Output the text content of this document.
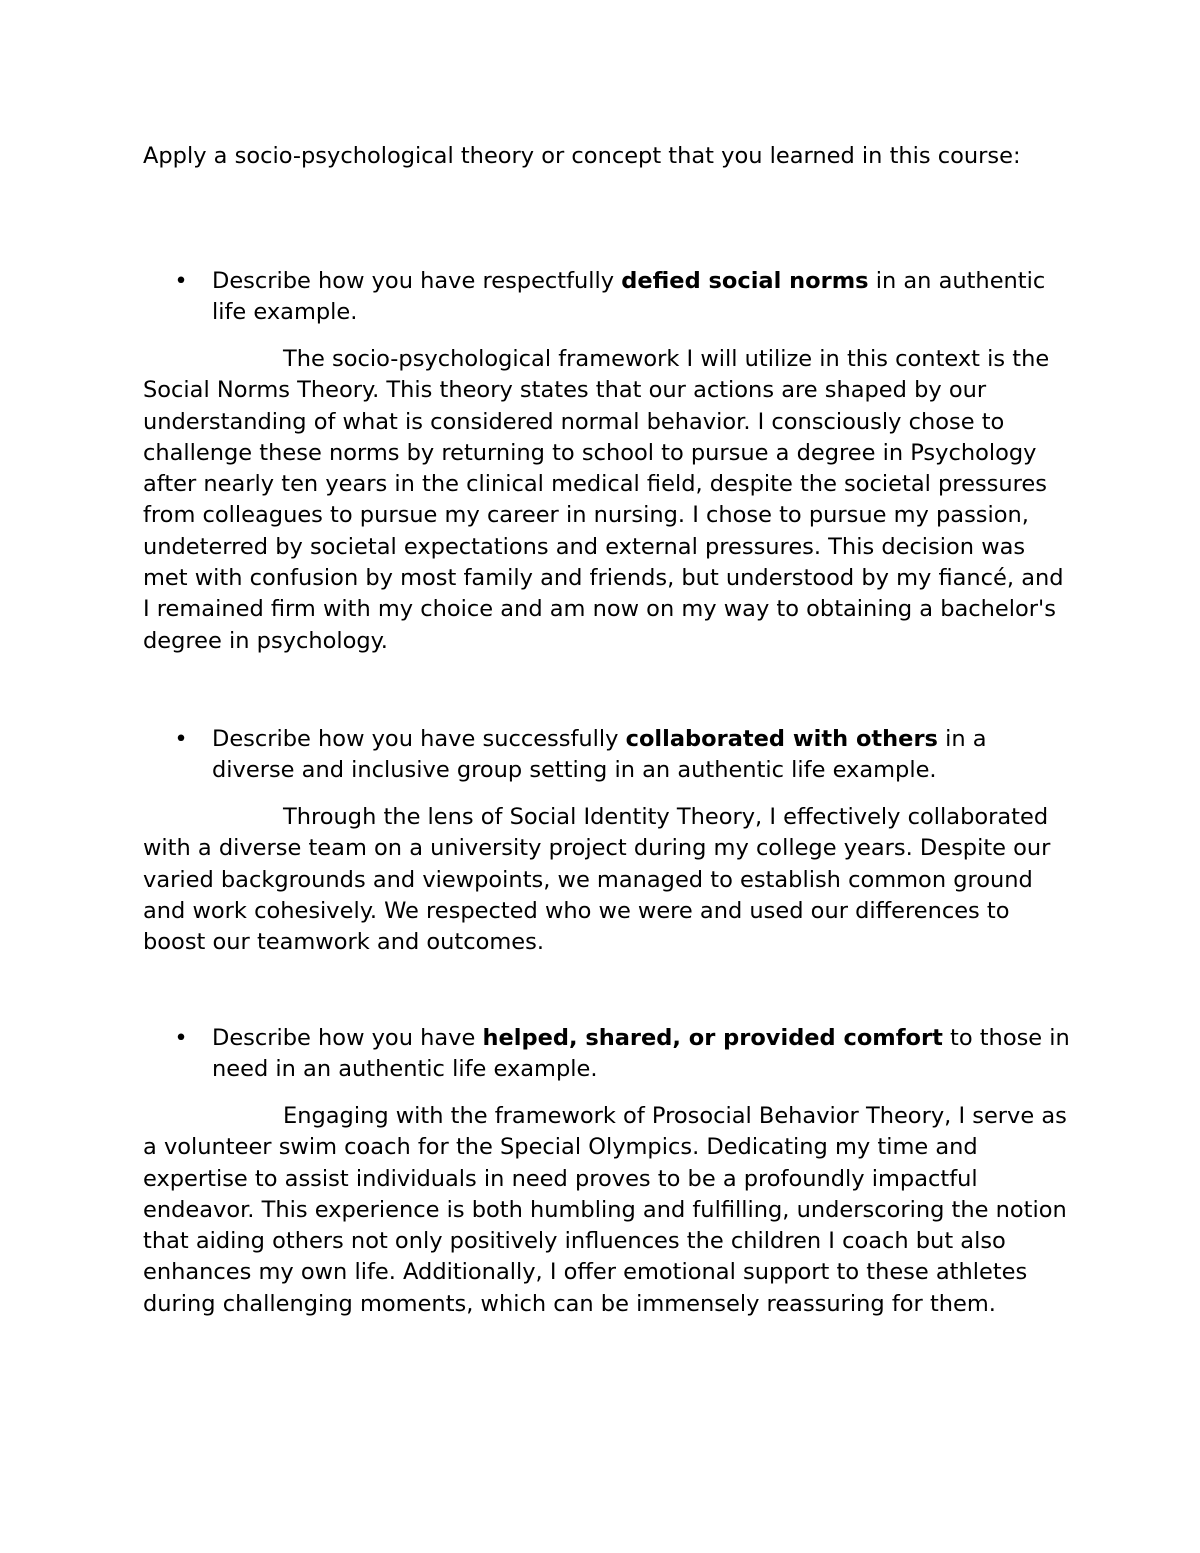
Apply a socio-psychological theory or concept that you learned in this course:

• Describe how you have respectfully defied social norms in an authentic life example.

The socio-psychological framework I will utilize in this context is the Social Norms Theory. This theory states that our actions are shaped by our understanding of what is considered normal behavior. I consciously chose to challenge these norms by returning to school to pursue a degree in Psychology after nearly ten years in the clinical medical field, despite the societal pressures from colleagues to pursue my career in nursing. I chose to pursue my passion, undeterred by societal expectations and external pressures. This decision was met with confusion by most family and friends, but understood by my fiancé, and I remained firm with my choice and am now on my way to obtaining a bachelor's degree in psychology.

• Describe how you have successfully collaborated with others in a diverse and inclusive group setting in an authentic life example.

Through the lens of Social Identity Theory, I effectively collaborated with a diverse team on a university project during my college years. Despite our varied backgrounds and viewpoints, we managed to establish common ground and work cohesively. We respected who we were and used our differences to boost our teamwork and outcomes.

• Describe how you have helped, shared, or provided comfort to those in need in an authentic life example.

Engaging with the framework of Prosocial Behavior Theory, I serve as a volunteer swim coach for the Special Olympics. Dedicating my time and expertise to assist individuals in need proves to be a profoundly impactful endeavor. This experience is both humbling and fulfilling, underscoring the notion that aiding others not only positively influences the children I coach but also enhances my own life. Additionally, I offer emotional support to these athletes during challenging moments, which can be immensely reassuring for them.
